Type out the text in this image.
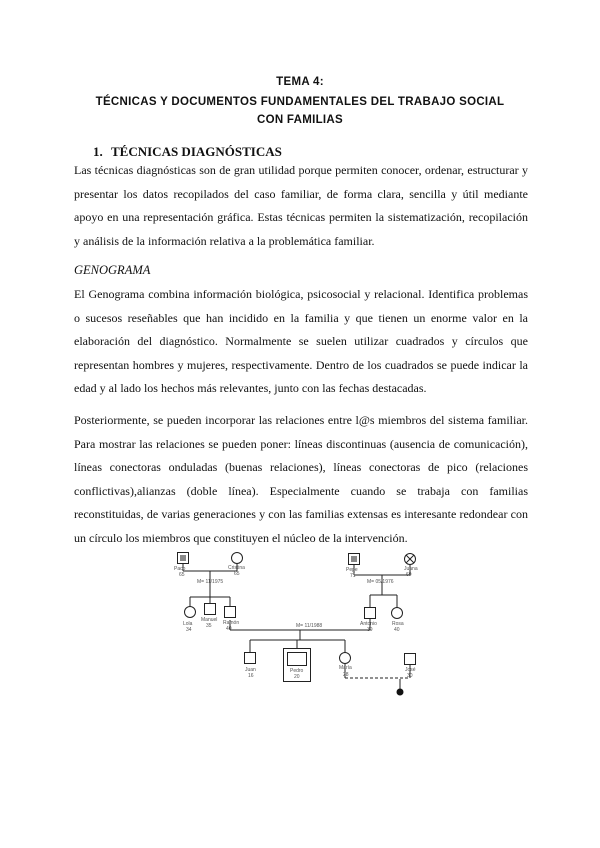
TEMA 4:
TÉCNICAS Y DOCUMENTOS FUNDAMENTALES DEL TRABAJO SOCIAL
CON FAMILIAS
1. TÉCNICAS DIAGNÓSTICAS

Las técnicas diagnósticas son de gran utilidad porque permiten conocer, ordenar, estructurar y presentar los datos recopilados del caso familiar, de forma clara, sencilla y útil mediante apoyo en una representación gráfica. Estas técnicas permiten la sistematización, recopilación y análisis de la información relativa a la problemática familiar.

GENOGRAMA

El Genograma combina información biológica, psicosocial y relacional. Identifica problemas o sucesos reseñables que han incidido en la familia y que tienen un enorme valor en la elaboración del diagnóstico. Normalmente se suelen utilizar cuadrados y círculos que representan hombres y mujeres, respectivamente. Dentro de los cuadrados se puede indicar la edad y al lado los hechos más relevantes, junto con las fechas destacadas.

Posteriormente, se pueden incorporar las relaciones entre l@s miembros del sistema familiar. Para mostrar las relaciones se pueden poner: líneas discontinuas (ausencia de comunicación), líneas conectoras onduladas (buenas relaciones), líneas conectoras de pico (relaciones conflictivas),alianzas (doble línea). Especialmente cuando se trabaja con familias reconstituidas, de varias generaciones y con las familias extensas es interesante redondear con un círculo los miembros que constituyen el núcleo de la intervención.

Paco
65
Cristina
65
M= 11/1975
Pepe
71
Juana
69
M= 05/1976
Lola
34
Manuel
35 Ramón
40	M= 11/1988	Antonio
39
Rosa
40
Juan
16
Pedro
20
María
28
José
30
